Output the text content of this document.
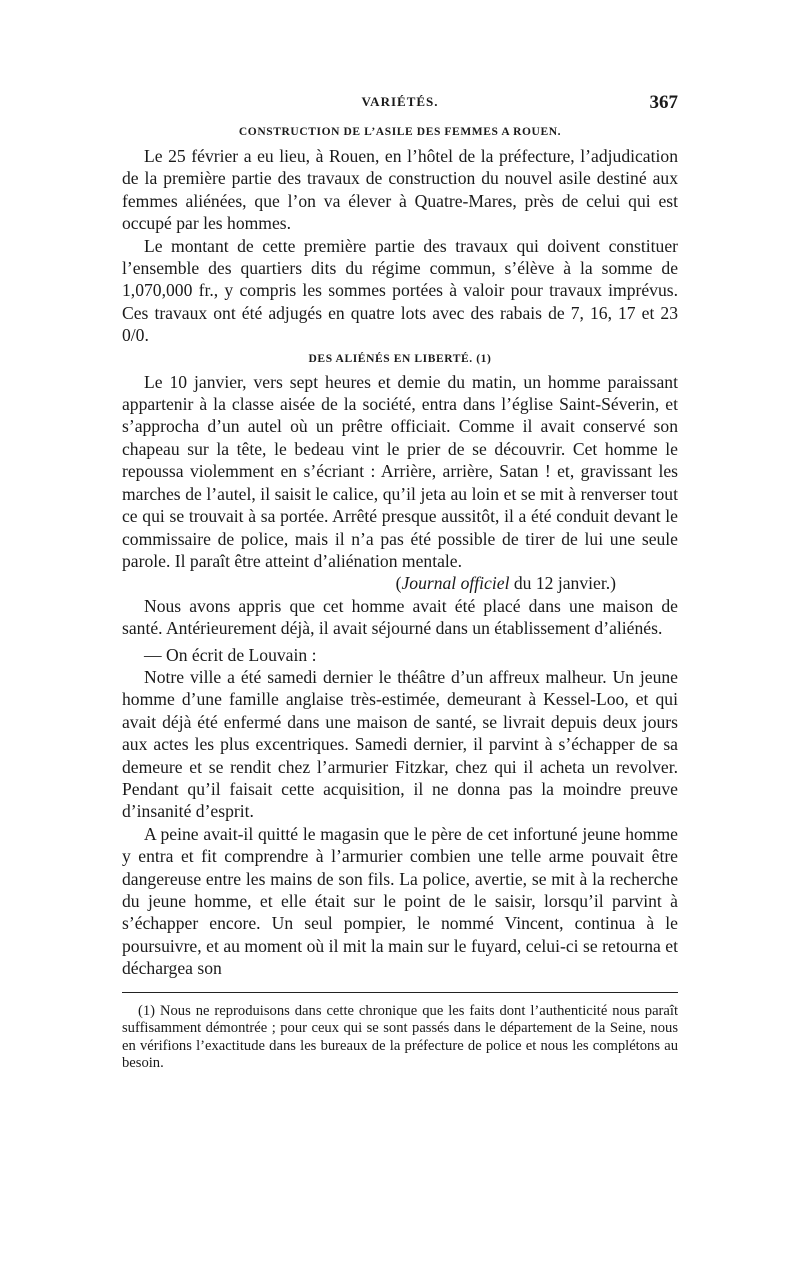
VARIÉTÉS.	367
CONSTRUCTION DE L’ASILE DES FEMMES A ROUEN.

Le 25 février a eu lieu, à Rouen, en l’hôtel de la préfecture, l’adjudication de la première partie des travaux de construction du nouvel asile destiné aux femmes aliénées, que l’on va élever à Quatre-Mares, près de celui qui est occupé par les hommes.

Le montant de cette première partie des travaux qui doivent constituer l’ensemble des quartiers dits du régime commun, s’élève à la somme de 1,070,000 fr., y compris les sommes portées à valoir pour travaux imprévus. Ces travaux ont été adjugés en quatre lots avec des rabais de 7, 16, 17 et 23 0/0.

DES ALIÉNÉS EN LIBERTÉ. (1)

Le 10 janvier, vers sept heures et demie du matin, un homme paraissant appartenir à la classe aisée de la société, entra dans l’église Saint-Séverin, et s’approcha d’un autel où un prêtre officiait. Comme il avait conservé son chapeau sur la tête, le bedeau vint le prier de se découvrir. Cet homme le repoussa violemment en s’écriant : Arrière, arrière, Satan ! et, gravissant les marches de l’autel, il saisit le calice, qu’il jeta au loin et se mit à renverser tout ce qui se trouvait à sa portée. Arrêté presque aussitôt, il a été conduit devant le commissaire de police, mais il n’a pas été possible de tirer de lui une seule parole. Il paraît être atteint d’aliénation mentale.

(Journal officiel du 12 janvier.)

Nous avons appris que cet homme avait été placé dans une maison de santé. Antérieurement déjà, il avait séjourné dans un établissement d’aliénés.

— On écrit de Louvain :

Notre ville a été samedi dernier le théâtre d’un affreux malheur. Un jeune homme d’une famille anglaise très-estimée, demeurant à Kessel-Loo, et qui avait déjà été enfermé dans une maison de santé, se livrait depuis deux jours aux actes les plus excentriques. Samedi dernier, il parvint à s’échapper de sa demeure et se rendit chez l’armurier Fitzkar, chez qui il acheta un revolver. Pendant qu’il faisait cette acquisition, il ne donna pas la moindre preuve d’insanité d’esprit.

A peine avait-il quitté le magasin que le père de cet infortuné jeune homme y entra et fit comprendre à l’armurier combien une telle arme pouvait être dangereuse entre les mains de son fils. La police, avertie, se mit à la recherche du jeune homme, et elle était sur le point de le saisir, lorsqu’il parvint à s’échapper encore. Un seul pompier, le nommé Vincent, continua à le poursuivre, et au moment où il mit la main sur le fuyard, celui-ci se retourna et déchargea son

(1) Nous ne reproduisons dans cette chronique que les faits dont l’authenticité nous paraît suffisamment démontrée ; pour ceux qui se sont passés dans le département de la Seine, nous en vérifions l’exactitude dans les bureaux de la préfecture de police et nous les complétons au besoin.
